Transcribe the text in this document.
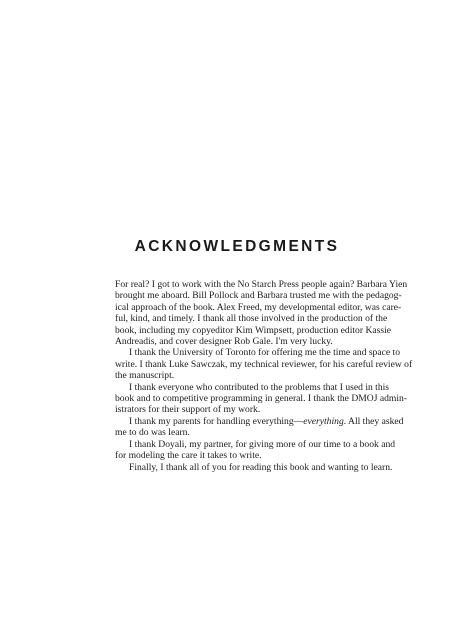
ACKNOWLEDGMENTS
For real? I got to work with the No Starch Press people again? Barbara Yien
brought me aboard. Bill Pollock and Barbara trusted me with the pedagog-
ical approach of the book. Alex Freed, my developmental editor, was care-
ful, kind, and timely. I thank all those involved in the production of the
book, including my copyeditor Kim Wimpsett, production editor Kassie
Andreadis, and cover designer Rob Gale. I'm very lucky.
I thank the University of Toronto for offering me the time and space to
write. I thank Luke Sawczak, my technical reviewer, for his careful review of
the manuscript.
I thank everyone who contributed to the problems that I used in this
book and to competitive programming in general. I thank the DMOJ admin-
istrators for their support of my work.
I thank my parents for handling everything—everything. All they asked
me to do was learn.
I thank Doyali, my partner, for giving more of our time to a book and
for modeling the care it takes to write.
Finally, I thank all of you for reading this book and wanting to learn.
